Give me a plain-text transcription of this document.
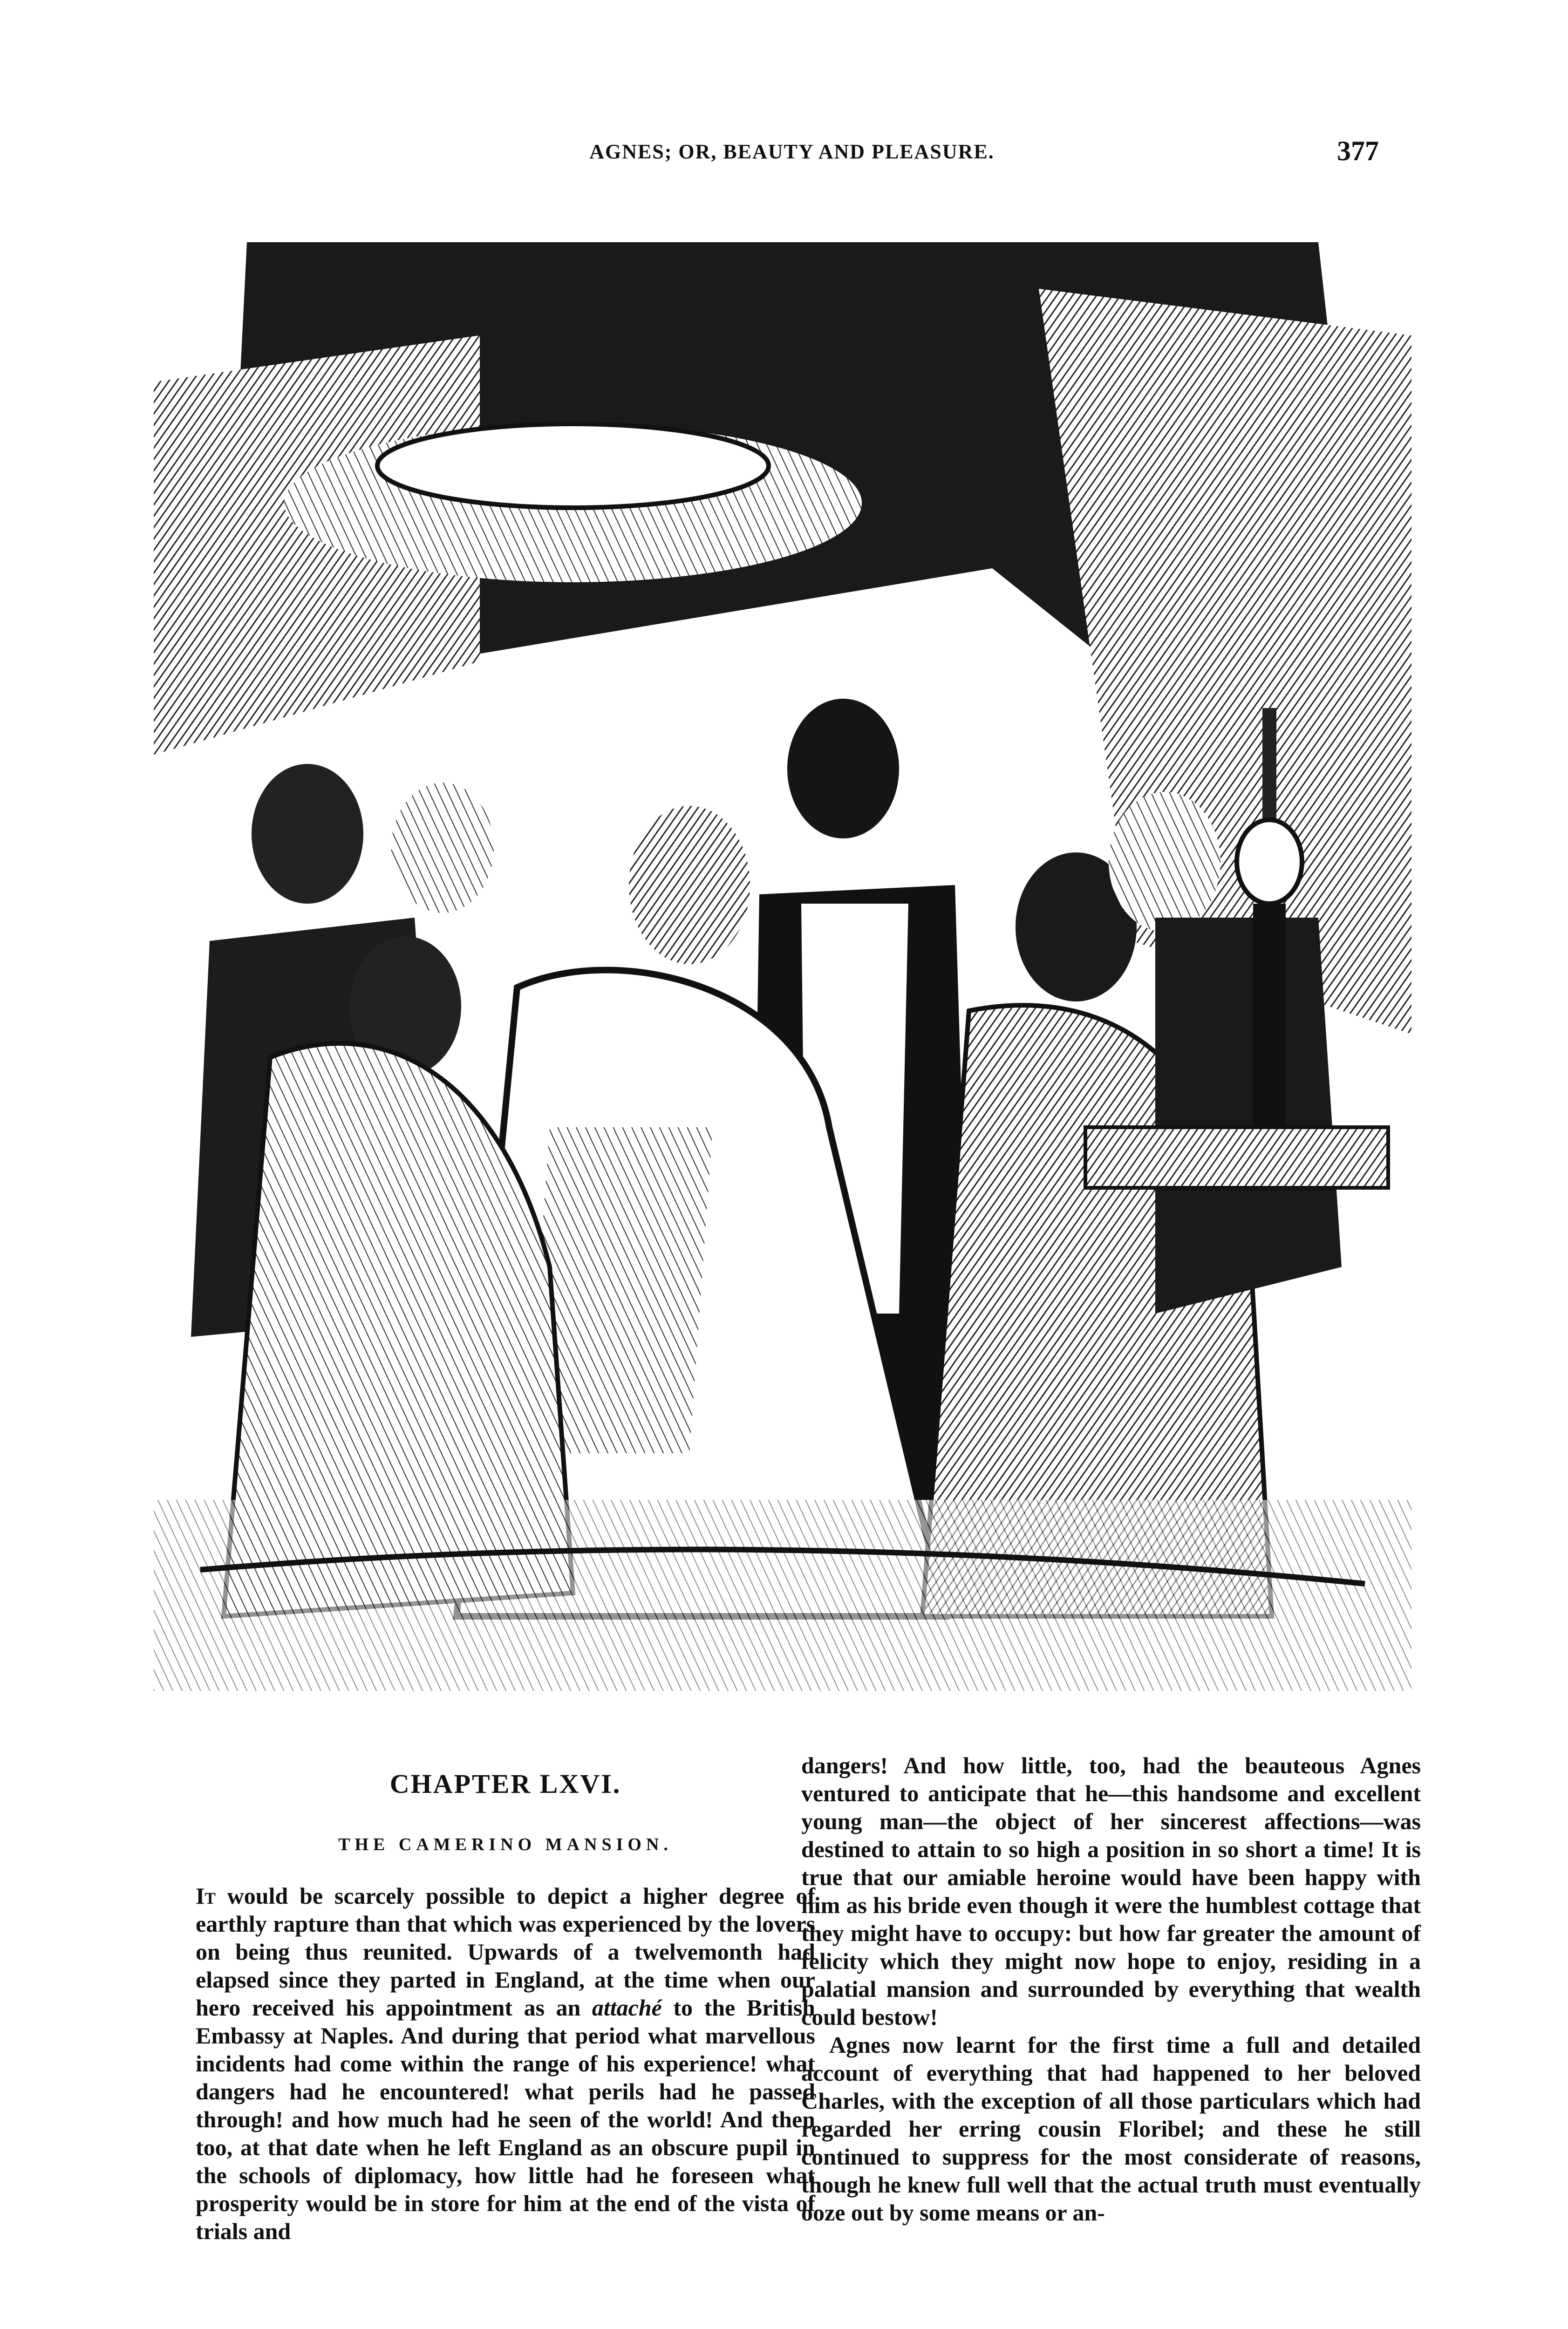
AGNES; OR, BEAUTY AND PLEASURE.	377
CHAPTER LXVI.
THE CAMERINO MANSION.

It would be scarcely possible to depict a higher degree of earthly rapture than that which was experienced by the lovers on being thus reunited. Upwards of a twelvemonth had elapsed since they parted in England, at the time when our hero received his appointment as an attaché to the British Embassy at Naples. And during that period what marvellous incidents had come within the range of his experience! what dangers had he encountered! what perils had he passed through! and how much had he seen of the world! And then too, at that date when he left England as an obscure pupil in the schools of diplomacy, how little had he foreseen what prosperity would be in store for him at the end of the vista of trials and

dangers! And how little, too, had the beauteous Agnes ventured to anticipate that he—this handsome and excellent young man—the object of her sincerest affections—was destined to attain to so high a position in so short a time! It is true that our amiable heroine would have been happy with him as his bride even though it were the humblest cottage that they might have to occupy: but how far greater the amount of felicity which they might now hope to enjoy, residing in a palatial mansion and surrounded by everything that wealth could bestow!

Agnes now learnt for the first time a full and detailed account of everything that had happened to her beloved Charles, with the exception of all those particulars which had regarded her erring cousin Floribel; and these he still continued to suppress for the most considerate of reasons, though he knew full well that the actual truth must eventually ooze out by some means or an-
